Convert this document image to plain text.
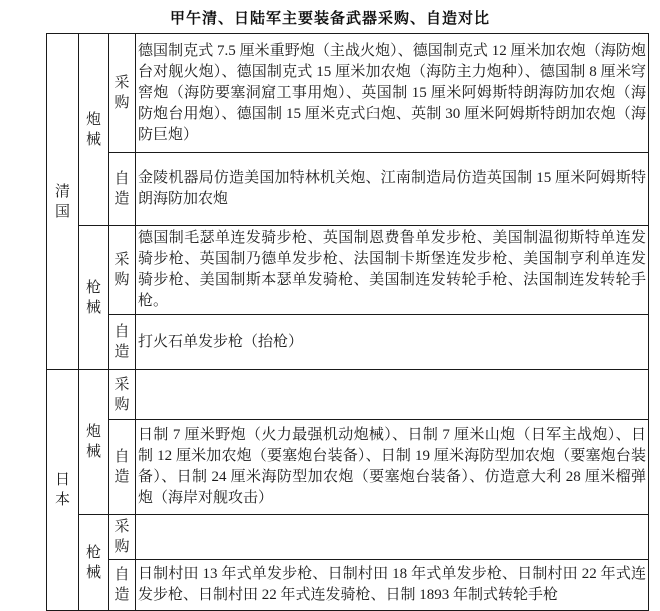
甲午清、日陆军主要装备武器采购、自造对比
清国	炮械	采购	德国制克式 7.5 厘米重野炮（主战火炮）、德国制克式 12 厘米加农炮（海防炮台对舰火炮）、德国制克式 15 厘米加农炮（海防主力炮种）、德国制 8 厘米穹窖炮（海防要塞洞窟工事用炮）、英国制 15 厘米阿姆斯特朗海防加农炮（海防炮台用炮）、德国制 15 厘米克式臼炮、英制 30 厘米阿姆斯特朗加农炮（海防巨炮）
		自造	金陵机器局仿造美国加特林机关炮、江南制造局仿造英国制 15 厘米阿姆斯特朗海防加农炮
	枪械	采购	德国制毛瑟单连发骑步枪、英国制恩费鲁单发步枪、美国制温彻斯特单连发骑步枪、英国制乃德单发步枪、法国制卡斯堡连发步枪、美国制亨利单连发骑步枪、美国制斯本瑟单发骑枪、美国制连发转轮手枪、法国制连发转轮手枪。
		自造	打火石单发步枪（抬枪）
日本	炮械	采购	
		自造	日制 7 厘米野炮（火力最强机动炮械）、日制 7 厘米山炮（日军主战炮）、日制 12 厘米加农炮（要塞炮台装备）、日制 19 厘米海防型加农炮（要塞炮台装备）、日制 24 厘米海防型加农炮（要塞炮台装备）、仿造意大利 28 厘米榴弹炮（海岸对舰攻击）
	枪械	采购	
		自造	日制村田 13 年式单发步枪、日制村田 18 年式单发步枪、日制村田 22 年式连发步枪、日制村田 22 年式连发骑枪、日制 1893 年制式转轮手枪
